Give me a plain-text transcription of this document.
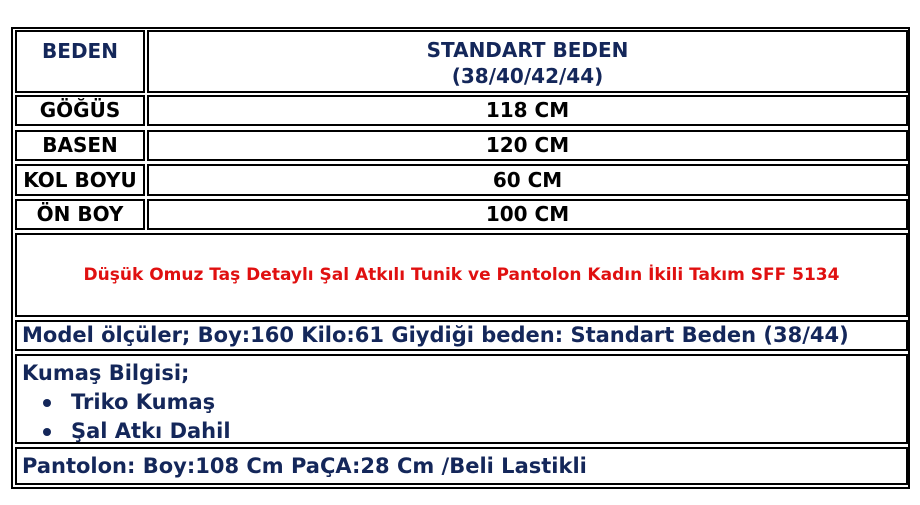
BEDEN	STANDART BEDEN
(38/40/42/44)
GÖĞÜS	118 CM
BASEN	120 CM
KOL BOYU	60 CM
ÖN BOY	100 CM
Düşük Omuz Taş Detaylı Şal Atkılı Tunik ve Pantolon Kadın İkili Takım SFF 5134
Model ölçüler; Boy:160 Kilo:61 Giydiği beden: Standart Beden (38/44)
Kumaş Bilgisi;
Triko Kumaş
Şal Atkı Dahil
Pantolon: Boy:108 Cm PaÇA:28 Cm /Beli Lastikli
